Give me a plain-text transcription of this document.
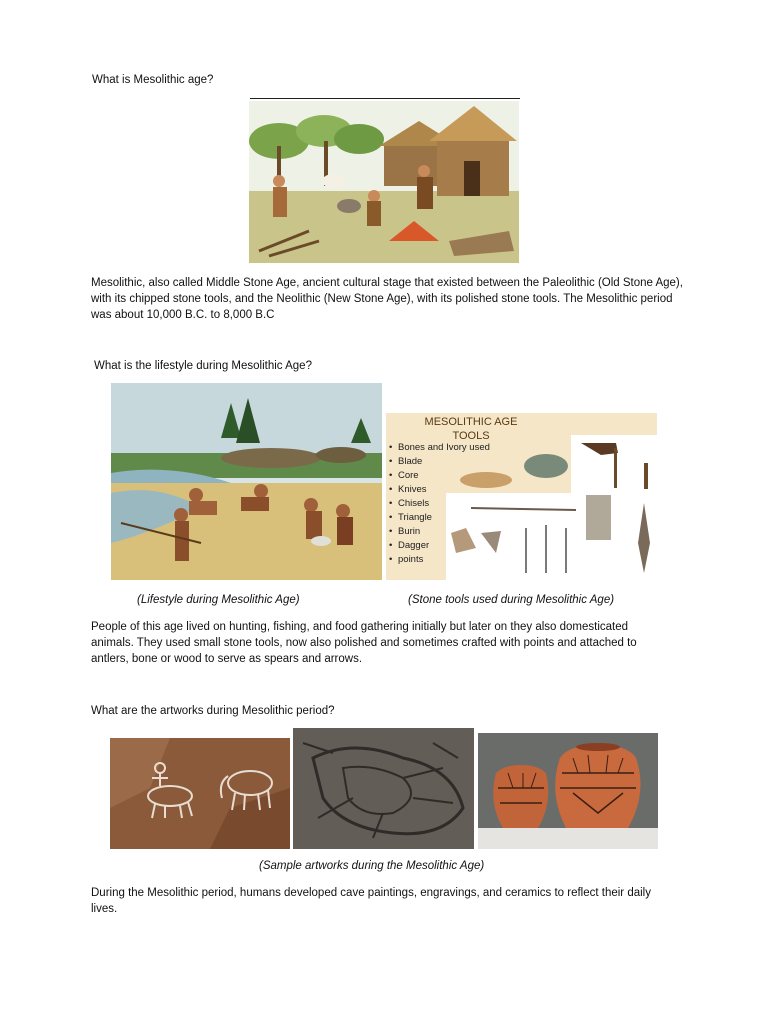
What is Mesolithic age?
Mesolithic, also called Middle Stone Age, ancient cultural stage that existed between the Paleolithic (Old Stone Age), with its chipped stone tools, and the Neolithic (New Stone Age), with its polished stone tools. The Mesolithic period was about 10,000 B.C. to 8,000 B.C
What is the lifestyle during Mesolithic Age?
MESOLITHIC AGE
TOOLS
• Bones and Ivory used
• Blade
• Core
• Knives
• Chisels
• Triangle
• Burin
• Dagger
• points
(Lifestyle during Mesolithic Age)	(Stone tools used during Mesolithic Age)
People of this age lived on hunting, fishing, and food gathering initially but later on they also domesticated animals. They used small stone tools, now also polished and sometimes crafted with points and attached to antlers, bone or wood to serve as spears and arrows.
What are the artworks during Mesolithic period?
(Sample artworks during the Mesolithic Age)
During the Mesolithic period, humans developed cave paintings, engravings, and ceramics to reflect their daily lives.
